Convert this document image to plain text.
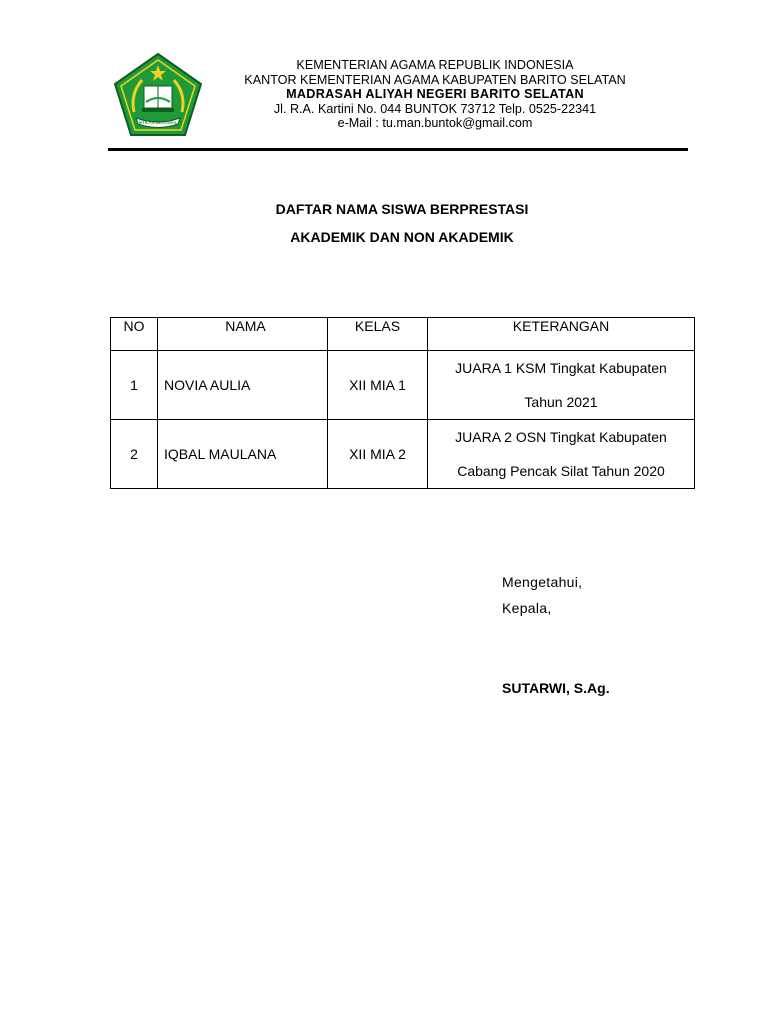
IKHLAS BERAMAL
KEMENTERIAN AGAMA REPUBLIK INDONESIA
KANTOR KEMENTERIAN AGAMA KABUPATEN BARITO SELATAN
MADRASAH ALIYAH NEGERI BARITO SELATAN
Jl. R.A. Kartini No. 044 BUNTOK 73712 Telp. 0525-22341
e-Mail : tu.man.buntok@gmail.com
DAFTAR NAMA SISWA BERPRESTASI
AKADEMIK DAN NON AKADEMIK
NO	NAMA	KELAS	KETERANGAN
1	NOVIA AULIA	XII MIA 1	JUARA 1 KSM Tingkat Kabupaten
Tahun 2021

2	IQBAL MAULANA	XII MIA 2	JUARA 2 OSN Tingkat Kabupaten
Cabang Pencak Silat Tahun 2020
Mengetahui,
Kepala,
SUTARWI, S.Ag.
